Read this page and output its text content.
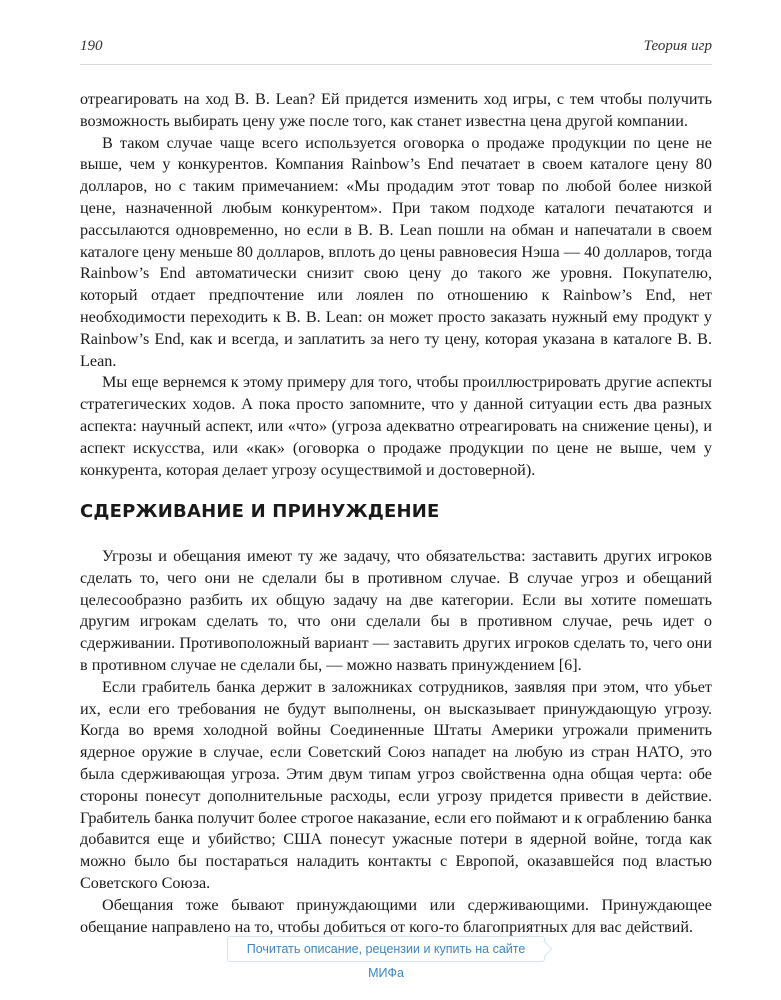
190	Теория игр

отреагировать на ход B. B. Lean? Ей придется изменить ход игры, с тем чтобы получить возможность выбирать цену уже после того, как станет известна цена другой компании.

В таком случае чаще всего используется оговорка о продаже продукции по цене не выше, чем у конкурентов. Компания Rainbow’s End печатает в своем каталоге цену 80 долларов, но с таким примечанием: «Мы продадим этот товар по любой более низкой цене, назначенной любым конкурентом». При таком подходе каталоги печатаются и рассылаются одновременно, но если в B. B. Lean пошли на обман и напечатали в своем каталоге цену меньше 80 долларов, вплоть до цены равновесия Нэша — 40 долларов, тогда Rainbow’s End автоматически снизит свою цену до такого же уровня. Покупателю, который отдает предпочтение или лоялен по отношению к Rainbow’s End, нет необходимости переходить к B. B. Lean: он может просто заказать нужный ему продукт у Rainbow’s End, как и всегда, и заплатить за него ту цену, которая указана в каталоге B. B. Lean.

Мы еще вернемся к этому примеру для того, чтобы проиллюстрировать другие аспекты стратегических ходов. А пока просто запомните, что у данной ситуации есть два разных аспекта: научный аспект, или «что» (угроза адекватно отреагировать на снижение цены), и аспект искусства, или «как» (оговорка о продаже продукции по цене не выше, чем у конкурента, которая делает угрозу осуществимой и достоверной).

СДЕРЖИВАНИЕ И ПРИНУЖДЕНИЕ

Угрозы и обещания имеют ту же задачу, что обязательства: заставить других игроков сделать то, чего они не сделали бы в противном случае. В случае угроз и обещаний целесообразно разбить их общую задачу на две категории. Если вы хотите помешать другим игрокам сделать то, что они сделали бы в противном случае, речь идет о сдерживании. Противоположный вариант — заставить других игроков сделать то, чего они в противном случае не сделали бы, — можно назвать принуждением [6].

Если грабитель банка держит в заложниках сотрудников, заявляя при этом, что убьет их, если его требования не будут выполнены, он высказывает принуждающую угрозу. Когда во время холодной войны Соединенные Штаты Америки угрожали применить ядерное оружие в случае, если Советский Союз нападет на любую из стран НАТО, это была сдерживающая угроза. Этим двум типам угроз свойственна одна общая черта: обе стороны понесут дополнительные расходы, если угрозу придется привести в действие. Грабитель банка получит более строгое наказание, если его поймают и к ограблению банка добавится еще и убийство; США понесут ужасные потери в ядерной войне, тогда как можно было бы постараться наладить контакты с Европой, оказавшейся под властью Советского Союза.

Обещания тоже бывают принуждающими или сдерживающими. Принуждающее обещание направлено на то, чтобы добиться от кого-то благоприятных для вас действий.

Почитать описание, рецензии и купить на сайте МИФа
